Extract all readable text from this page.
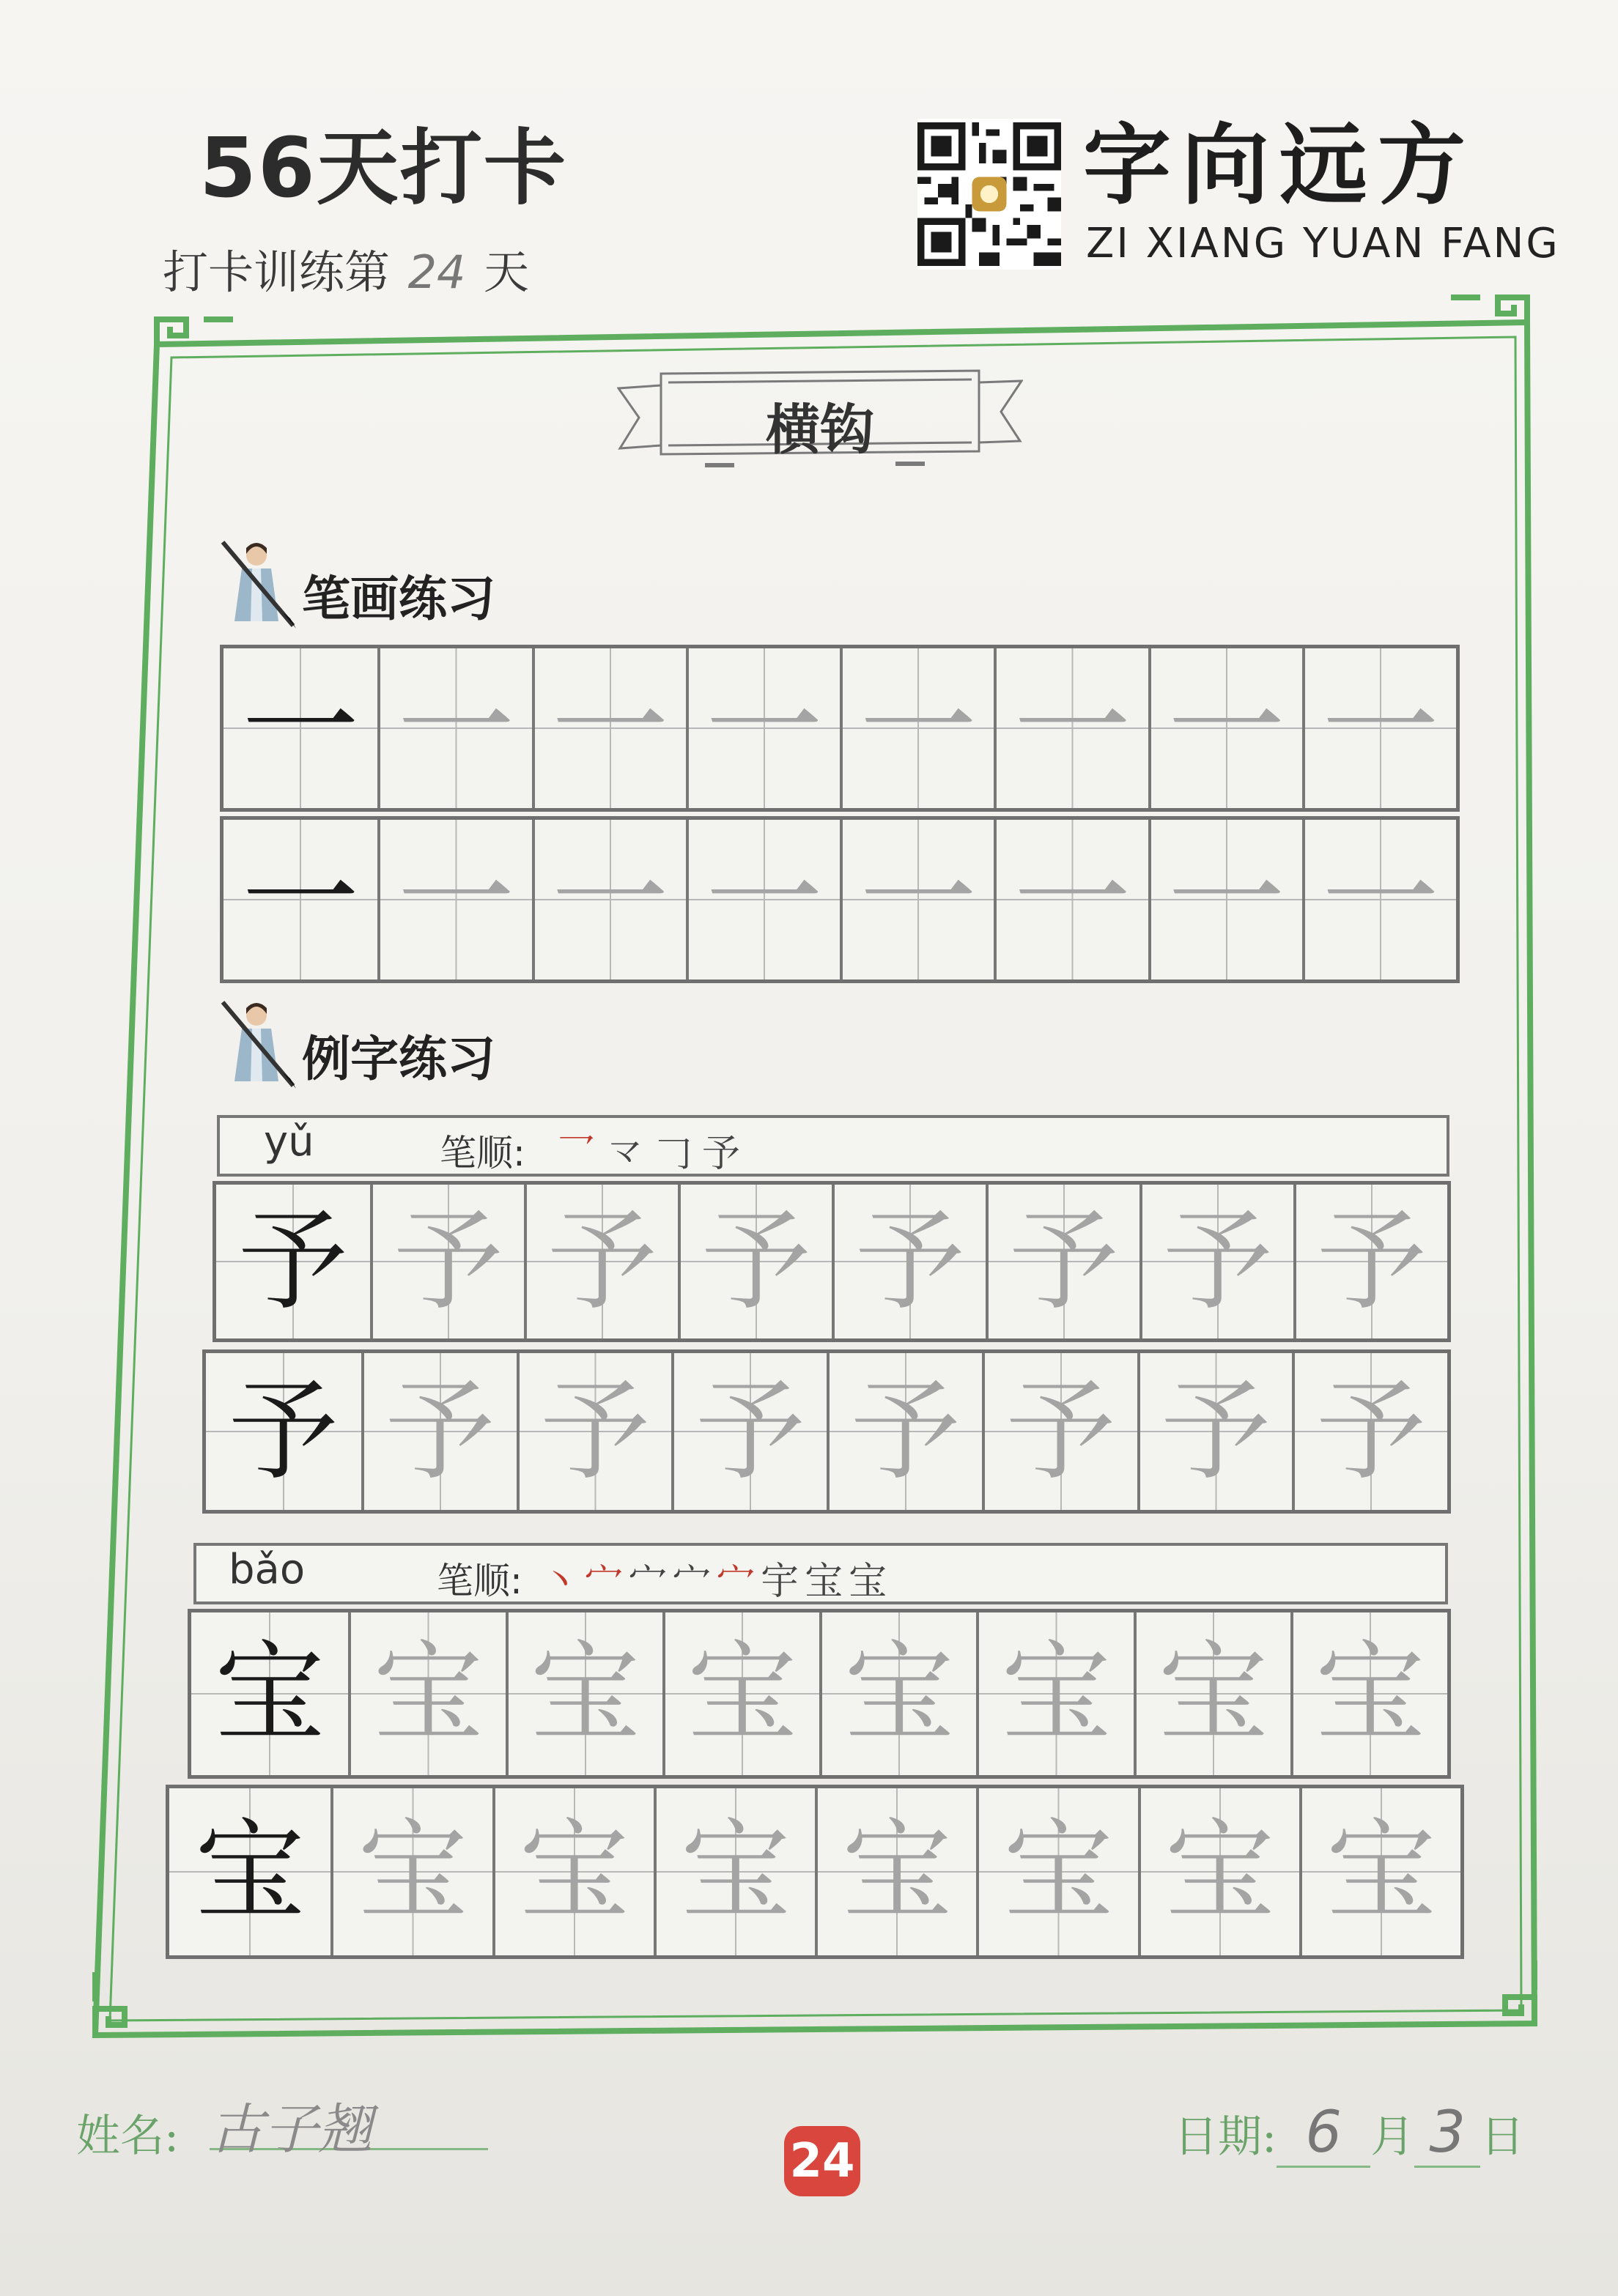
56天打卡
打卡训练第 24 天
字向远方
ZI XIANG YUAN FANG
横钩
笔画练习
一 一 一 一 一 一 一 一
一 一 一 一 一 一 一 一
例字练习
yǔ	笔顺: 乛龴𠃌予
予 予 予 予 予 予 予 予
予 予 予 予 予 予 予 予
bǎo	笔顺: 丶宀宀宀宀宇宝宝
宝 宝 宝 宝 宝 宝 宝 宝
宝 宝 宝 宝 宝 宝 宝 宝
姓名: 古子翘	24	日期: 6 月 3 日
